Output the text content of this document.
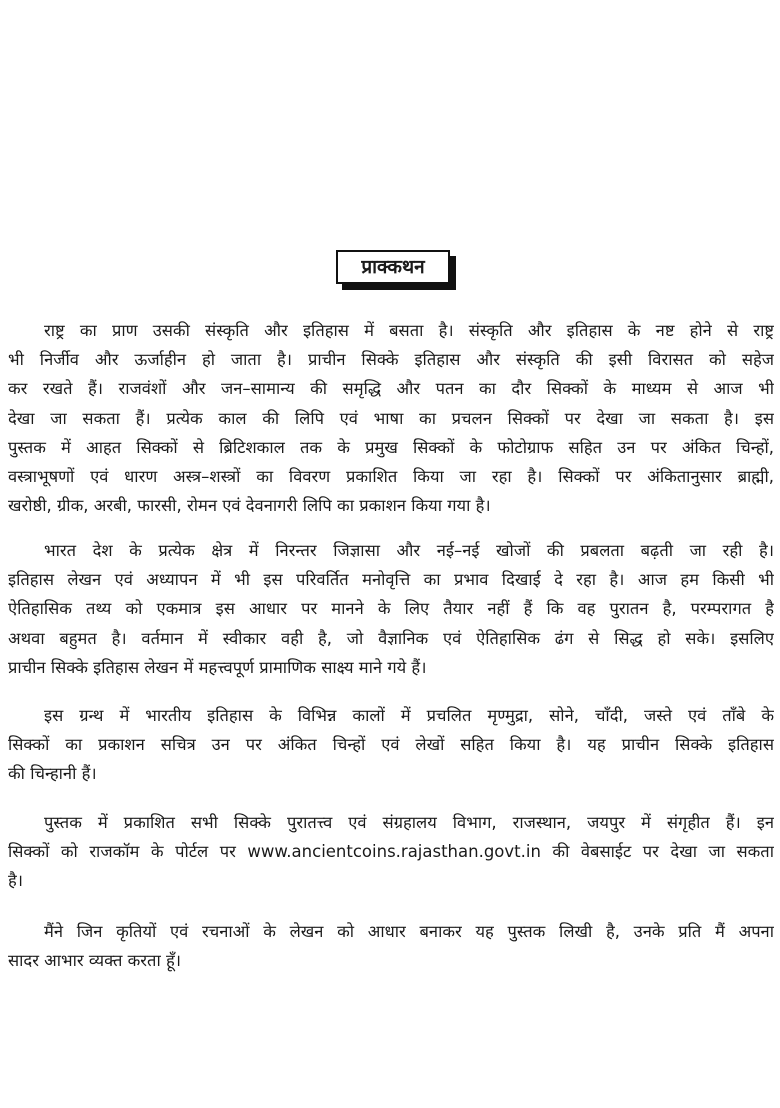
प्राक्कथन
राष्ट्र का प्राण उसकी संस्कृति और इतिहास में बसता है। संस्कृति और इतिहास के नष्ट होने से राष्ट्र
भी निर्जीव और ऊर्जाहीन हो जाता है। प्राचीन सिक्के इतिहास और संस्कृति की इसी विरासत को सहेज
कर रखते हैं। राजवंशों और जन–सामान्य की समृद्धि और पतन का दौर सिक्कों के माध्यम से आज भी
देखा जा सकता हैं। प्रत्येक काल की लिपि एवं भाषा का प्रचलन सिक्कों पर देखा जा सकता है। इस
पुस्तक में आहत सिक्कों से ब्रिटिशकाल तक के प्रमुख सिक्कों के फोटोग्राफ सहित उन पर अंकित चिन्हों,
वस्त्राभूषणों एवं धारण अस्त्र–शस्त्रों का विवरण प्रकाशित किया जा रहा है। सिक्कों पर अंकितानुसार ब्राह्मी,
खरोष्ठी, ग्रीक, अरबी, फारसी, रोमन एवं देवनागरी लिपि का प्रकाशन किया गया है।
भारत देश के प्रत्येक क्षेत्र में निरन्तर जिज्ञासा और नई–नई खोजों की प्रबलता बढ़ती जा रही है।
इतिहास लेखन एवं अध्यापन में भी इस परिवर्तित मनोवृत्ति का प्रभाव दिखाई दे रहा है। आज हम किसी भी
ऐतिहासिक तथ्य को एकमात्र इस आधार पर मानने के लिए तैयार नहीं हैं कि वह पुरातन है, परम्परागत है
अथवा बहुमत है। वर्तमान में स्वीकार वही है, जो वैज्ञानिक एवं ऐतिहासिक ढंग से सिद्ध हो सके। इसलिए
प्राचीन सिक्के इतिहास लेखन में महत्त्वपूर्ण प्रामाणिक साक्ष्य माने गये हैं।
इस ग्रन्थ में भारतीय इतिहास के विभिन्न कालों में प्रचलित मृण्मुद्रा, सोने, चाँदी, जस्ते एवं ताँबे के
सिक्कों का प्रकाशन सचित्र उन पर अंकित चिन्हों एवं लेखों सहित किया है। यह प्राचीन सिक्के इतिहास
की चिन्हानी हैं।
पुस्तक में प्रकाशित सभी सिक्के पुरातत्त्व एवं संग्रहालय विभाग, राजस्थान, जयपुर में संगृहीत हैं। इन
सिक्कों को राजकॉम के पोर्टल पर www.ancientcoins.rajasthan.govt.in की वेबसाईट पर देखा जा सकता
है।
मैंने जिन कृतियों एवं रचनाओं के लेखन को आधार बनाकर यह पुस्तक लिखी है, उनके प्रति मैं अपना
सादर आभार व्यक्त करता हूँ।
